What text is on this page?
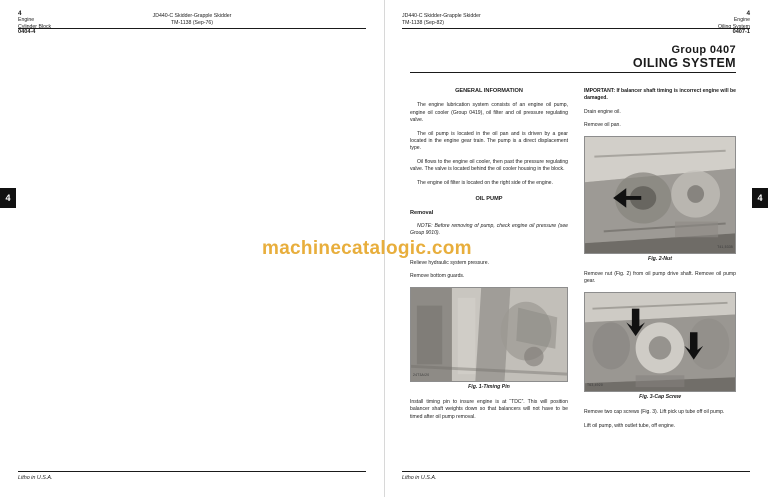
4
4
Engine
Cylinder Block
JD440-C Skidder-Grapple Skidder
TM-1138 (Sep-76)
0404-4
Litho in U.S.A.
4
JD440-C Skidder-Grapple Skidder
TM-1138 (Sep-82)
4
Engine
Oiling System
0407-1
Group 0407
OILING SYSTEM
GENERAL INFORMATION

The engine lubrication system consists of an engine oil pump, engine oil cooler (Group 0419), oil filter and oil pressure regulating valve.

The oil pump is located in the oil pan and is driven by a gear located in the engine gear train. The pump is a direct displacement type.

Oil flows to the engine oil cooler, then past the pressure regulating valve. The valve is located behind the oil cooler housing in the block.

The engine oil filter is located on the right side of the engine.

OIL PUMP
Removal

NOTE: Before removing of pump, check engine oil pressure (see Group 9010).

Relieve hydraulic system pressure.

Remove bottom guards.

24T3A/20
Fig. 1-Timing Pin

Install timing pin to insure engine is at “TDC”. This will position balancer shaft weights down so that balancers will not have to be timed after oil pump removal.

IMPORTANT: If balancer shaft timing is incorrect engine will be damaged.

Drain engine oil.

Remove oil pan.

T41,5335
Fig. 2-Nut

Remove nut (Fig. 2) from oil pump drive shaft. Remove oil pump gear.

T63,4920
Fig. 3-Cap Screw

Remove two cap screws (Fig. 3). Lift pick up tube off oil pump.

Lift oil pump, with outlet tube, off engine.

Litho in U.S.A.
machinecatalogic.com
